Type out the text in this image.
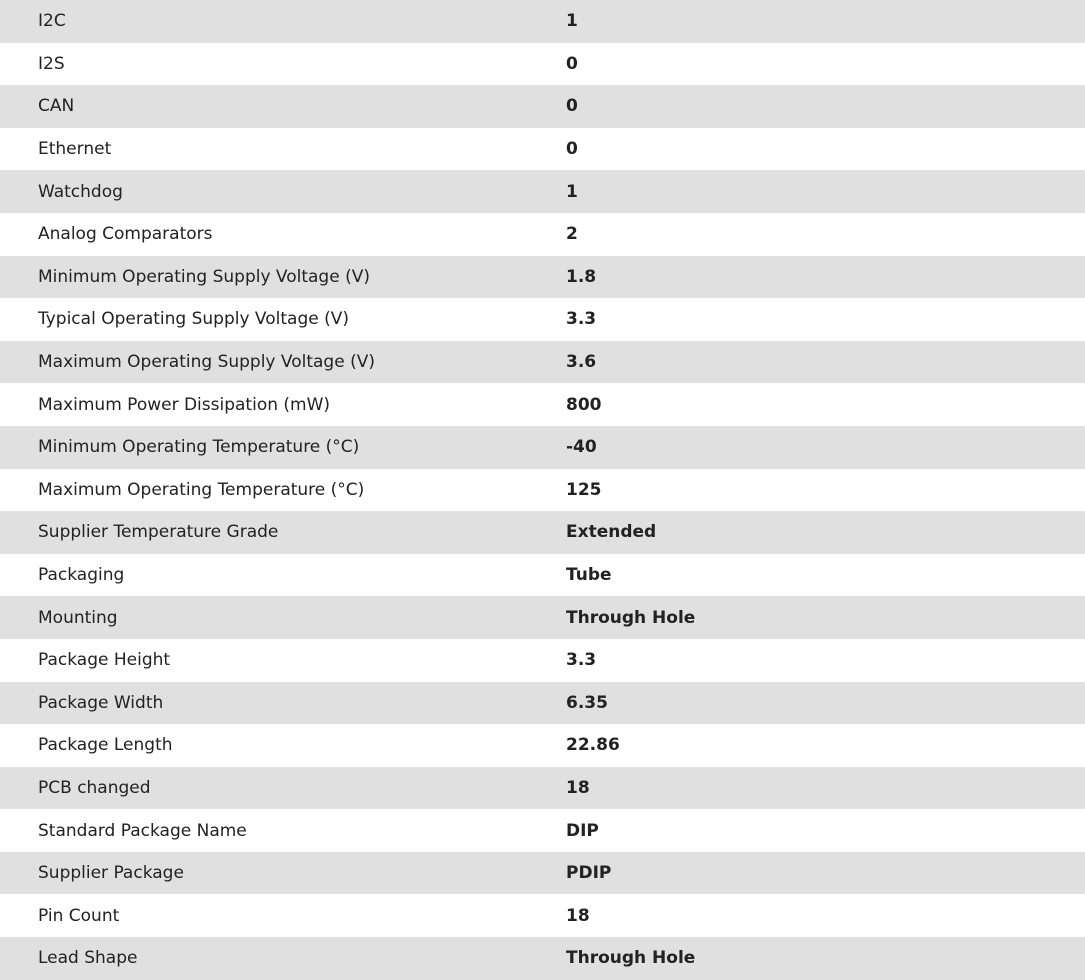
I2C	1
I2S	0
CAN	0
Ethernet	0
Watchdog	1
Analog Comparators	2
Minimum Operating Supply Voltage (V)	1.8
Typical Operating Supply Voltage (V)	3.3
Maximum Operating Supply Voltage (V)	3.6
Maximum Power Dissipation (mW)	800
Minimum Operating Temperature (°C)	-40
Maximum Operating Temperature (°C)	125
Supplier Temperature Grade	Extended
Packaging	Tube
Mounting	Through Hole
Package Height	3.3
Package Width	6.35
Package Length	22.86
PCB changed	18
Standard Package Name	DIP
Supplier Package	PDIP
Pin Count	18
Lead Shape	Through Hole
